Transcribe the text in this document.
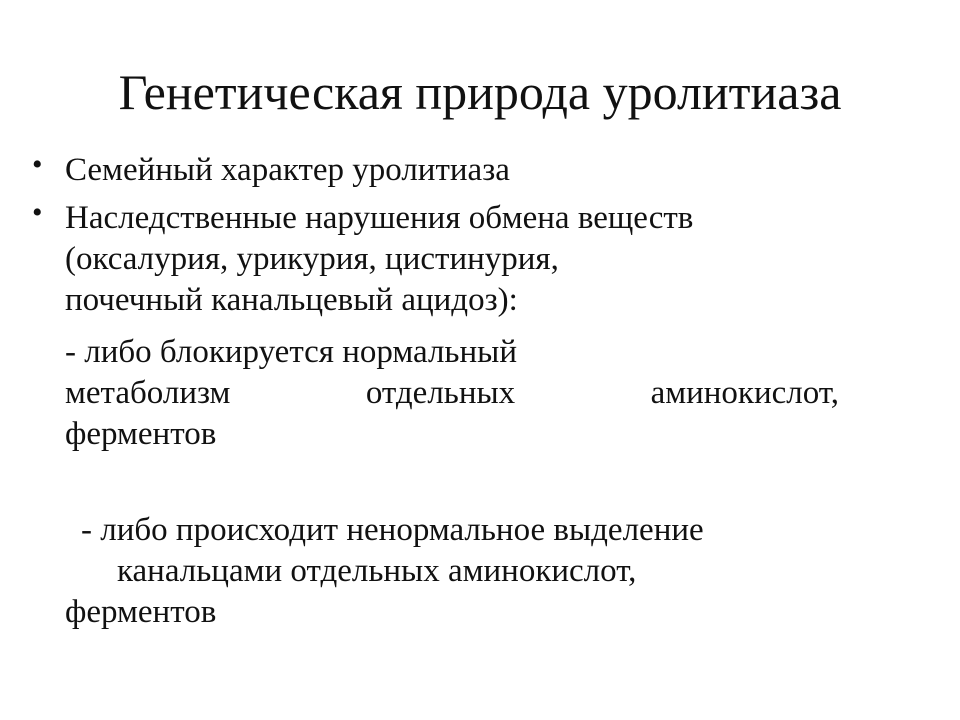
Генетическая природа уролитиаза
• Семейный характер уролитиаза
• Наследственные нарушения обмена веществ
(оксалурия, урикурия, цистинурия,
почечный канальцевый ацидоз):
- либо блокируется нормальный
метаболизм отдельных аминокислот,
ферментов
- либо происходит ненормальное выделение
канальцами отдельных аминокислот,
ферментов
